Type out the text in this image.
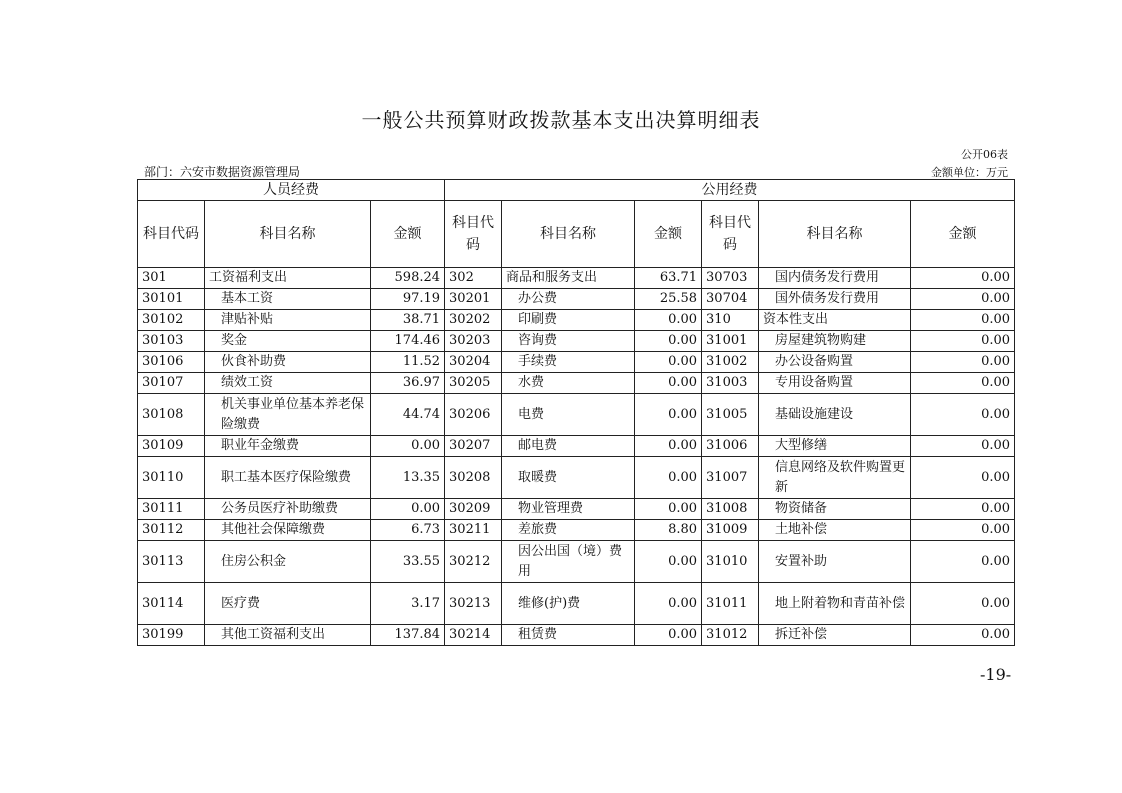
一般公共预算财政拨款基本支出决算明细表
公开06表
部门：六安市数据资源管理局	金额单位：万元
人员经费			公用经费					
科目代码	科目名称	金额	科目代码	科目名称	金额	科目代码	科目名称	金额
301	工资福利支出	598.24	302	商品和服务支出	63.71	30703	国内债务发行费用	0.00
30101	基本工资	97.19	30201	办公费	25.58	30704	国外债务发行费用	0.00
30102	津贴补贴	38.71	30202	印刷费	0.00	310	资本性支出	0.00
30103	奖金	174.46	30203	咨询费	0.00	31001	房屋建筑物购建	0.00
30106	伙食补助费	11.52	30204	手续费	0.00	31002	办公设备购置	0.00
30107	绩效工资	36.97	30205	水费	0.00	31003	专用设备购置	0.00
30108	机关事业单位基本养老保险缴费	44.74	30206	电费	0.00	31005	基础设施建设	0.00
30109	职业年金缴费	0.00	30207	邮电费	0.00	31006	大型修缮	0.00
30110	职工基本医疗保险缴费	13.35	30208	取暖费	0.00	31007	信息网络及软件购置更新	0.00
30111	公务员医疗补助缴费	0.00	30209	物业管理费	0.00	31008	物资储备	0.00
30112	其他社会保障缴费	6.73	30211	差旅费	8.80	31009	土地补偿	0.00
30113	住房公积金	33.55	30212	因公出国（境）费用	0.00	31010	安置补助	0.00
30114	医疗费	3.17	30213	维修(护)费	0.00	31011	地上附着物和青苗补偿	0.00
30199	其他工资福利支出	137.84	30214	租赁费	0.00	31012	拆迁补偿	0.00
-19-
